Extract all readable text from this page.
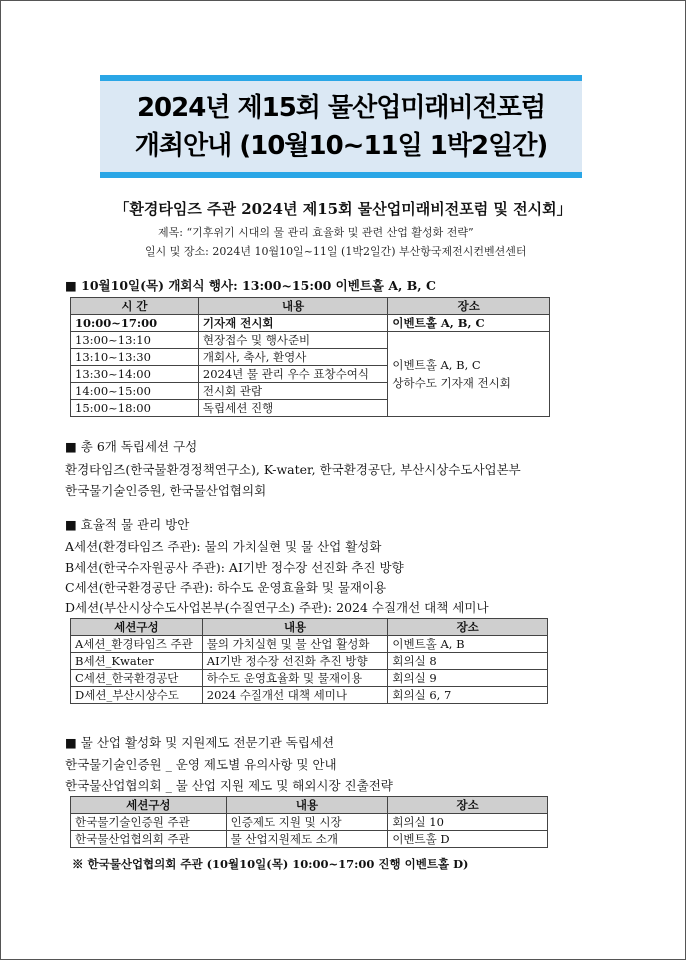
2024년 제15회 물산업미래비전포럼
개최안내 (10월10~11일 1박2일간)
「환경타임즈 주관 2024년 제15회 물산업미래비전포럼 및 전시회」
제목: “기후위기 시대의 물 관리 효율화 및 관련 산업 활성화 전략”
일시 및 장소: 2024년 10월10일~11일 (1박2일간) 부산항국제전시컨벤션센터
■ 10월10일(목) 개회식 행사: 13:00~15:00 이벤트홀 A, B, C
시 간	내용	장소
10:00~17:00	기자재 전시회	이벤트홀 A, B, C
13:00~13:10	현장접수 및 행사준비	이벤트홀 A, B, C
상하수도 기자재 전시회

13:10~13:30	개회사, 축사, 환영사	
13:30~14:00	2024년 물 관리 우수 표창수여식	
14:00~15:00	전시회 관람	
15:00~18:00	독립세션 진행	
■ 총 6개 독립세션 구성
환경타임즈(한국물환경정책연구소), K-water, 한국환경공단, 부산시상수도사업본부
한국물기술인증원, 한국물산업협의회
■ 효율적 물 관리 방안
A세션(환경타임즈 주관): 물의 가치실현 및 물 산업 활성화
B세션(한국수자원공사 주관): AI기반 정수장 선진화 추진 방향
C세션(한국환경공단 주관): 하수도 운영효율화 및 물재이용
D세션(부산시상수도사업본부(수질연구소) 주관): 2024 수질개선 대책 세미나
세션구성	내용	장소
A세션_환경타임즈 주관	물의 가치실현 및 물 산업 활성화	이벤트홀 A, B
B세션_Kwater	AI기반 정수장 선진화 추진 방향	회의실 8
C세션_한국환경공단	하수도 운영효율화 및 물재이용	회의실 9
D세션_부산시상수도	2024 수질개선 대책 세미나	회의실 6, 7
■ 물 산업 활성화 및 지원제도 전문기관 독립세션
한국물기술인증원 _ 운영 제도별 유의사항 및 안내
한국물산업협의회 _ 물 산업 지원 제도 및 해외시장 진출전략
세션구성	내용	장소
한국물기술인증원 주관	인증제도 지원 및 시장	회의실 10
한국물산업협의회 주관	물 산업지원제도 소개	이벤트홀 D
※ 한국물산업협의회 주관 (10월10일(목) 10:00~17:00 진행 이벤트홀 D)
